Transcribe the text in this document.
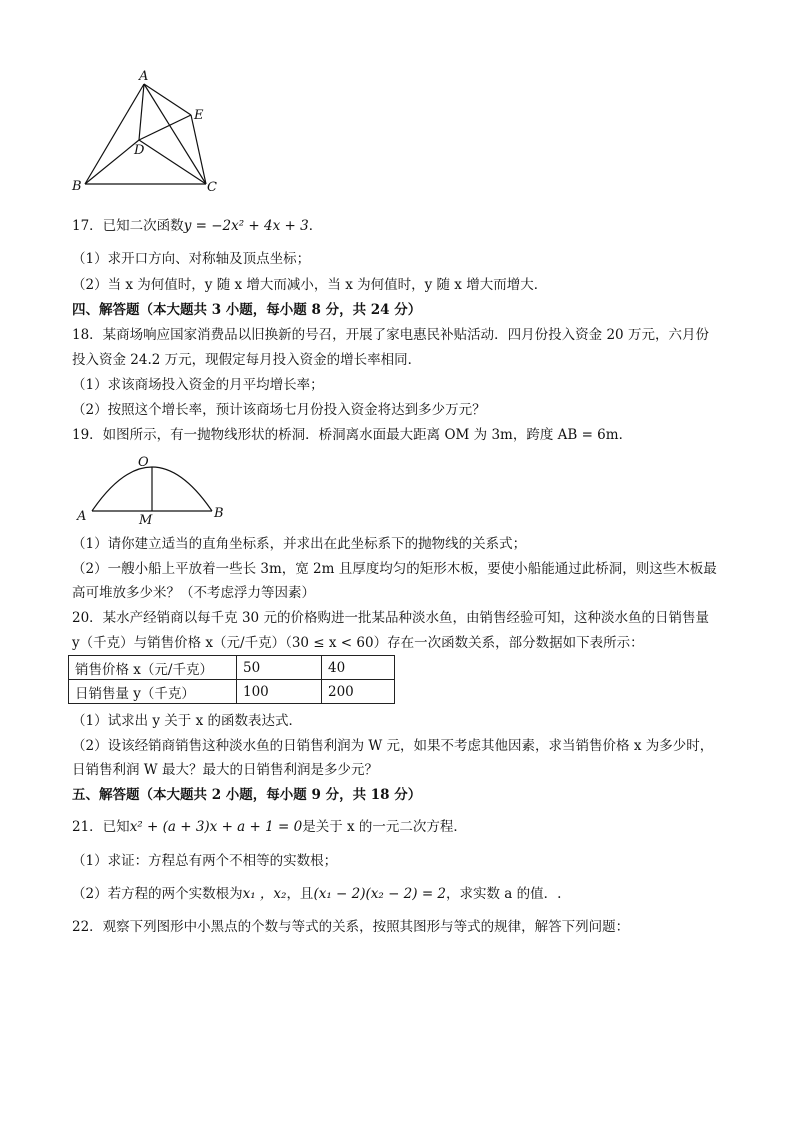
A
E
D
B	C
17．已知二次函数y = −2x² + 4x + 3．
（1）求开口方向、对称轴及顶点坐标；
（2）当 x 为何值时，y 随 x 增大而减小，当 x 为何值时，y 随 x 增大而增大．
四、解答题（本大题共 3 小题，每小题 8 分，共 24 分）
18．某商场响应国家消费品以旧换新的号召，开展了家电惠民补贴活动．四月份投入资金 20 万元，六月份
投入资金 24.2 万元，现假定每月投入资金的增长率相同．
（1）求该商场投入资金的月平均增长率；
（2）按照这个增长率，预计该商场七月份投入资金将达到多少万元？
19．如图所示，有一抛物线形状的桥洞．桥洞离水面最大距离 OM 为 3m，跨度 AB = 6m．
O
A	M	B
（1）请你建立适当的直角坐标系，并求出在此坐标系下的抛物线的关系式；
（2）一艘小船上平放着一些长 3m，宽 2m 且厚度均匀的矩形木板，要使小船能通过此桥洞，则这些木板最
高可堆放多少米？（不考虑浮力等因素）
20．某水产经销商以每千克 30 元的价格购进一批某品种淡水鱼，由销售经验可知，这种淡水鱼的日销售量
y（千克）与销售价格 x（元/千克）（30 ≤ x < 60）存在一次函数关系，部分数据如下表所示：
销售价格 x（元/千克）	50	40
日销售量 y（千克）	100	200
（1）试求出 y 关于 x 的函数表达式．
（2）设该经销商销售这种淡水鱼的日销售利润为 W 元，如果不考虑其他因素，求当销售价格 x 为多少时，
日销售利润 W 最大？最大的日销售利润是多少元？
五、解答题（本大题共 2 小题，每小题 9 分，共 18 分）
21．已知x² + (a + 3)x + a + 1 = 0是关于 x 的一元二次方程．
（1）求证：方程总有两个不相等的实数根；
（2）若方程的两个实数根为x₁ ，x₂，且(x₁ − 2)(x₂ − 2) = 2，求实数 a 的值．.
22．观察下列图形中小黑点的个数与等式的关系，按照其图形与等式的规律，解答下列问题：
